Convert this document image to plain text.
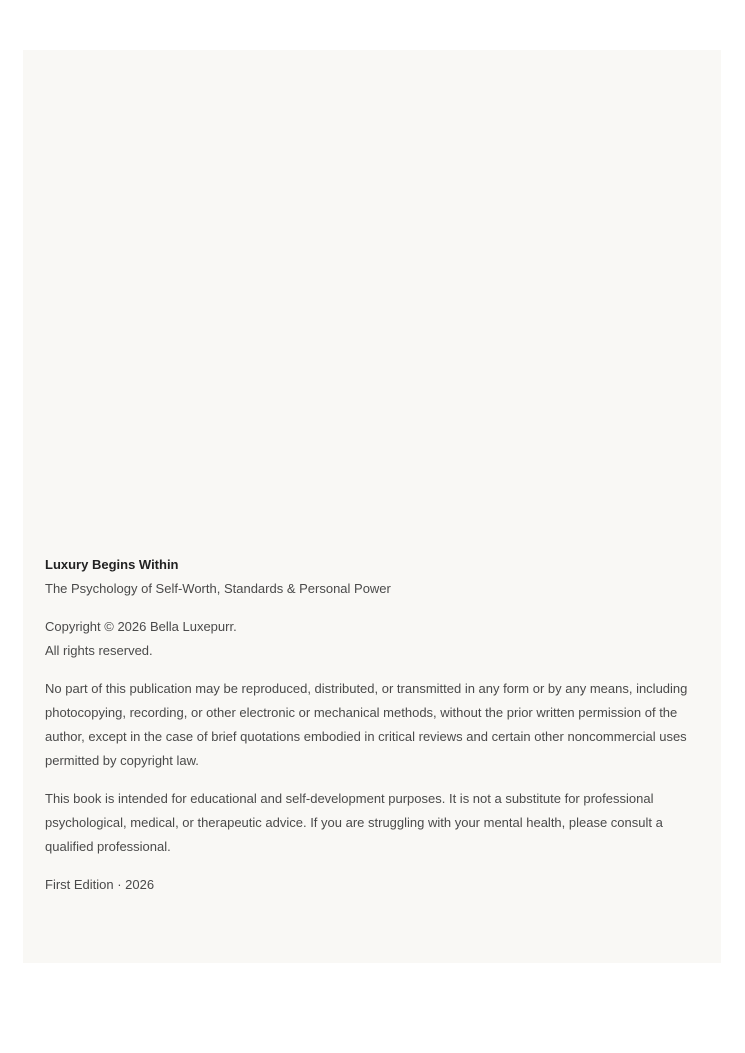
Luxury Begins Within
The Psychology of Self-Worth, Standards & Personal Power
Copyright © 2026 Bella Luxepurr.
All rights reserved.

No part of this publication may be reproduced, distributed, or transmitted in any form or by any means, including photocopying, recording, or other electronic or mechanical methods, without the prior written permission of the author, except in the case of brief quotations embodied in critical reviews and certain other noncommercial uses permitted by copyright law.

This book is intended for educational and self-development purposes. It is not a substitute for professional psychological, medical, or therapeutic advice. If you are struggling with your mental health, please consult a qualified professional.

First Edition · 2026
